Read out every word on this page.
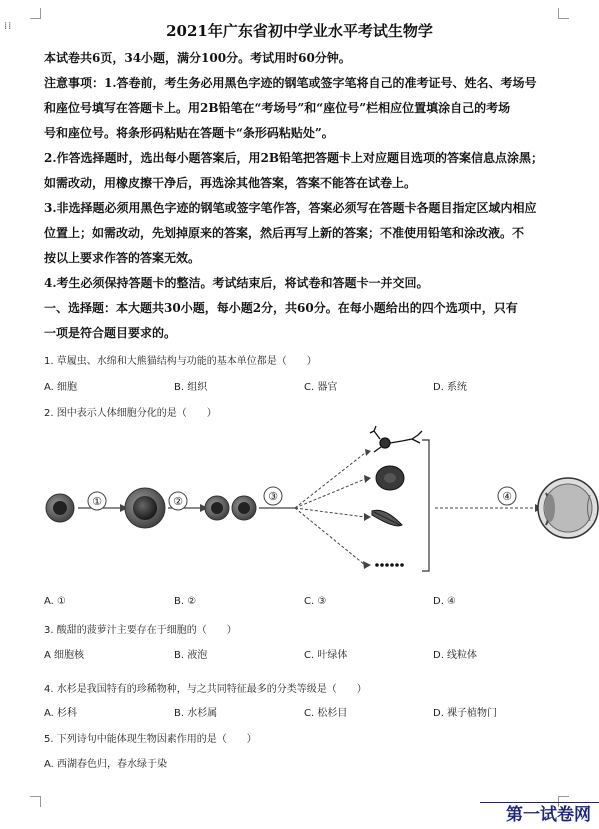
⁞⁞	2021年广东省初中学业水平考试生物学
本试卷共6页，34小题，满分100分。考试用时60分钟。
注意事项：1.答卷前，考生务必用黑色字迹的钢笔或签字笔将自己的准考证号、姓名、考场号
和座位号填写在答题卡上。用2B铅笔在“考场号”和“座位号”栏相应位置填涂自己的考场
号和座位号。将条形码粘贴在答题卡“条形码粘贴处”。
2.作答选择题时，选出每小题答案后，用2B铅笔把答题卡上对应题目选项的答案信息点涂黑；
如需改动，用橡皮擦干净后，再选涂其他答案，答案不能答在试卷上。
3.非选择题必须用黑色字迹的钢笔或签字笔作答，答案必须写在答题卡各题目指定区域内相应
位置上；如需改动，先划掉原来的答案，然后再写上新的答案；不准使用铅笔和涂改液。不
按以上要求作答的答案无效。
4.考生必须保持答题卡的整洁。考试结束后，将试卷和答题卡一并交回。
一、选择题：本大题共30小题，每小题2分，共60分。在每小题给出的四个选项中，只有
一项是符合题目要求的。
1. 草履虫、水绵和大熊猫结构与功能的基本单位都是（　　）
A. 细胞	B. 组织	C. 器官	D. 系统
2. 图中表示人体细胞分化的是（　　）
①	②	③	④
A. ①	B. ②	C. ③	D. ④
3. 酸甜的菠萝汁主要存在于细胞的（　　）
A 细胞核	B. 液泡	C. 叶绿体	D. 线粒体
4. 水杉是我国特有的珍稀物种，与之共同特征最多的分类等级是（　　）
A. 杉科	B. 水杉属	C. 松杉目	D. 裸子植物门
5. 下列诗句中能体现生物因素作用的是（　　）
A. 西湖春色归，春水绿于染
第一试卷网
